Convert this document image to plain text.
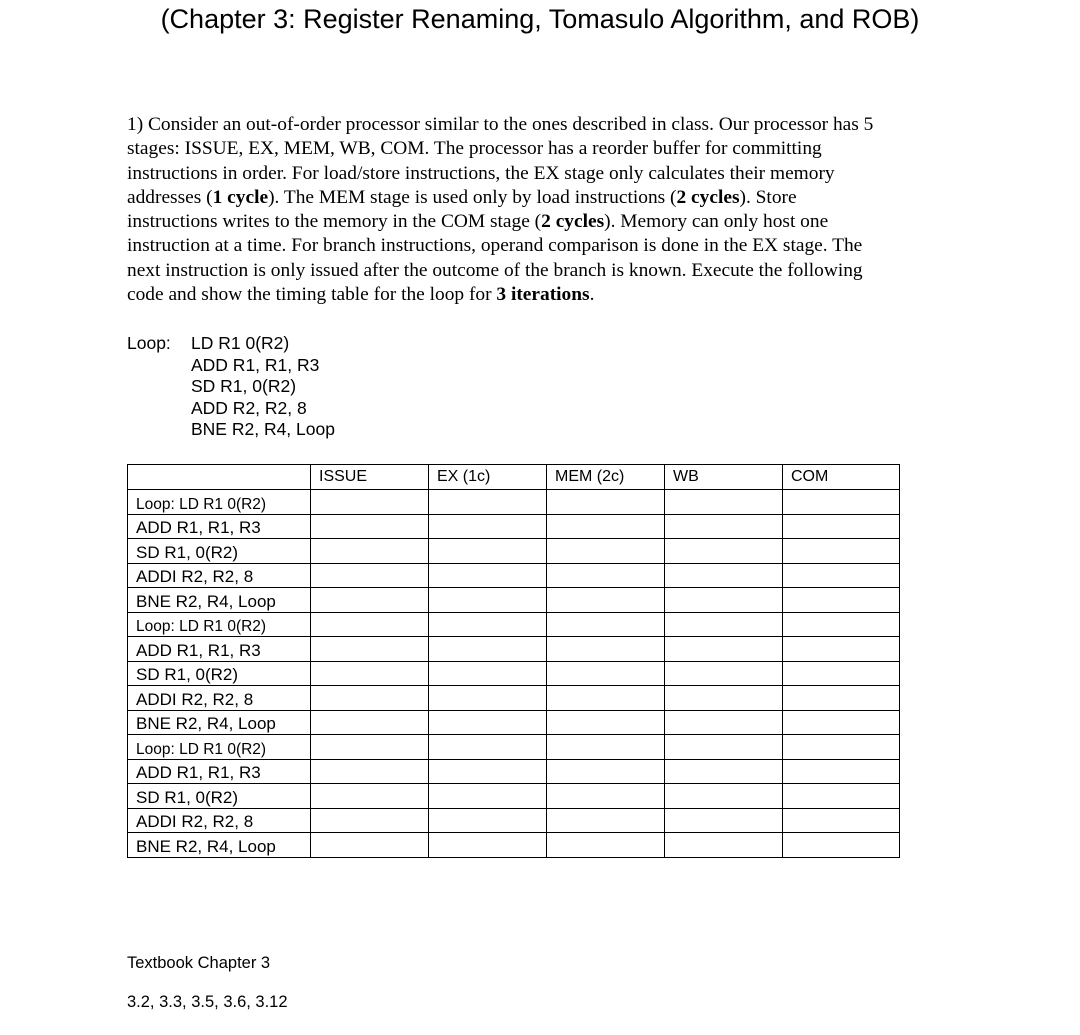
(Chapter 3: Register Renaming, Tomasulo Algorithm, and ROB)
1) Consider an out-of-order processor similar to the ones described in class. Our processor has 5
stages: ISSUE, EX, MEM, WB, COM. The processor has a reorder buffer for committing
instructions in order. For load/store instructions, the EX stage only calculates their memory
addresses (1 cycle). The MEM stage is used only by load instructions (2 cycles). Store
instructions writes to the memory in the COM stage (2 cycles). Memory can only host one
instruction at a time. For branch instructions, operand comparison is done in the EX stage. The
next instruction is only issued after the outcome of the branch is known. Execute the following
code and show the timing table for the loop for 3 iterations.
Loop:	LD R1 0(R2)
ADD R1, R1, R3
SD R1, 0(R2)
ADD R2, R2, 8
BNE R2, R4, Loop
	ISSUE	EX (1c)	MEM (2c)	WB	COM
Loop: LD R1 0(R2)					
ADD R1, R1, R3					
SD R1, 0(R2)					
ADDI R2, R2, 8					
BNE R2, R4, Loop					
Loop: LD R1 0(R2)					
ADD R1, R1, R3					
SD R1, 0(R2)					
ADDI R2, R2, 8					
BNE R2, R4, Loop					
Loop: LD R1 0(R2)					
ADD R1, R1, R3					
SD R1, 0(R2)					
ADDI R2, R2, 8					
BNE R2, R4, Loop					
Textbook Chapter 3
3.2, 3.3, 3.5, 3.6, 3.12
